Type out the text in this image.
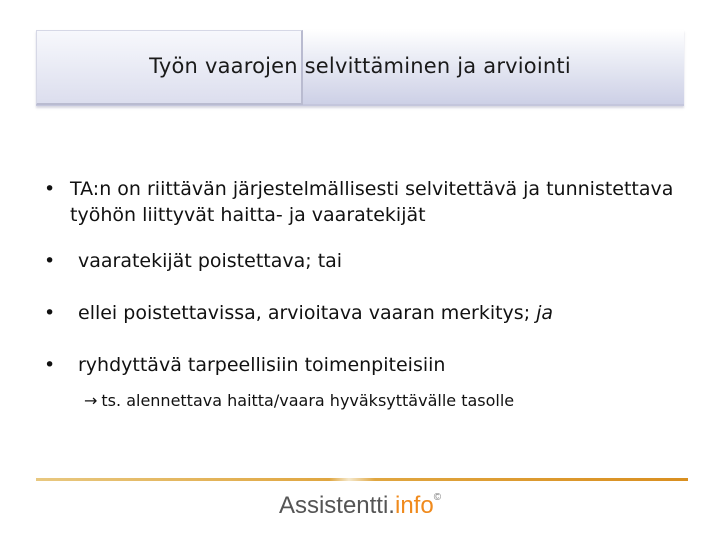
Työn vaarojen selvittäminen ja arviointi
• TA:n on riittävän järjestelmällisesti selvitettävä ja tunnistettava työhön liittyvät haitta- ja vaaratekijät
• vaaratekijät poistettava; tai
• ellei poistettavissa, arvioitava vaaran merkitys; ja
• ryhdyttävä tarpeellisiin toimenpiteisiin
→ ts. alennettava haitta/vaara hyväksyttävälle tasolle
Assistentti.info©
